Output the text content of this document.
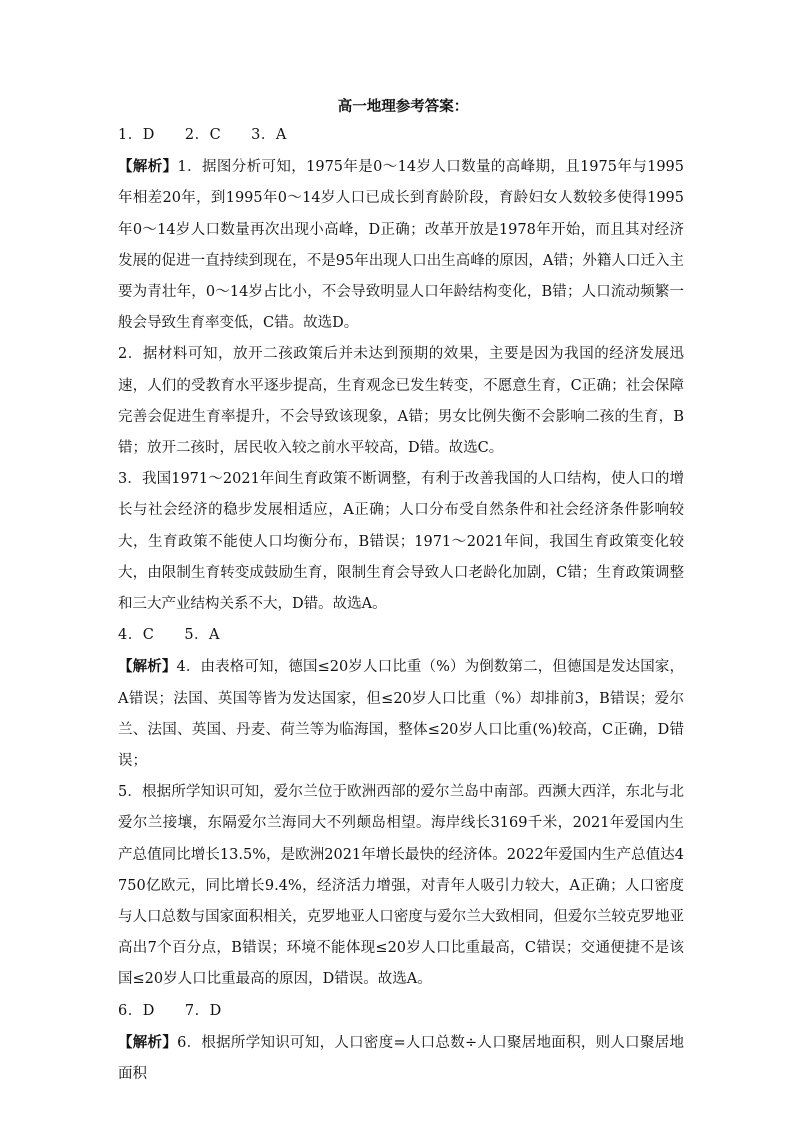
高一地理参考答案：

1．D　　2．C　　3．A

【解析】1．据图分析可知，1975年是0～14岁人口数量的高峰期，且1975年与1995年相差20年，到1995年0～14岁人口已成长到育龄阶段，育龄妇女人数较多使得1995年0～14岁人口数量再次出现小高峰，D正确；改革开放是1978年开始，而且其对经济发展的促进一直持续到现在，不是95年出现人口出生高峰的原因，A错；外籍人口迁入主要为青壮年，0～14岁占比小，不会导致明显人口年龄结构变化，B错；人口流动频繁一般会导致生育率变低，C错。故选D。

2．据材料可知，放开二孩政策后并未达到预期的效果，主要是因为我国的经济发展迅速，人们的受教育水平逐步提高，生育观念已发生转变，不愿意生育，C正确；社会保障完善会促进生育率提升，不会导致该现象，A错；男女比例失衡不会影响二孩的生育，B错；放开二孩时，居民收入较之前水平较高，D错。故选C。

3．我国1971～2021年间生育政策不断调整，有利于改善我国的人口结构，使人口的增长与社会经济的稳步发展相适应，A正确；人口分布受自然条件和社会经济条件影响较大，生育政策不能使人口均衡分布，B错误；1971～2021年间，我国生育政策变化较大，由限制生育转变成鼓励生育，限制生育会导致人口老龄化加剧，C错；生育政策调整和三大产业结构关系不大，D错。故选A。

4．C　　5．A

【解析】4．由表格可知，德国≤20岁人口比重（%）为倒数第二，但德国是发达国家，A错误；法国、英国等皆为发达国家，但≤20岁人口比重（%）却排前3，B错误；爱尔兰、法国、英国、丹麦、荷兰等为临海国，整体≤20岁人口比重(%)较高，C正确，D错误；

5．根据所学知识可知，爱尔兰位于欧洲西部的爱尔兰岛中南部。西濒大西洋，东北与北爱尔兰接壤，东隔爱尔兰海同大不列颠岛相望。海岸线长3169千米，2021年爱国内生产总值同比增长13.5%，是欧洲2021年增长最快的经济体。2022年爱国内生产总值达4750亿欧元，同比增长9.4%，经济活力增强，对青年人吸引力较大，A正确；人口密度与人口总数与国家面积相关，克罗地亚人口密度与爱尔兰大致相同，但爱尔兰较克罗地亚高出7个百分点，B错误；环境不能体现≤20岁人口比重最高，C错误；交通便捷不是该国≤20岁人口比重最高的原因，D错误。故选A。

6．D　　7．D

【解析】6．根据所学知识可知，人口密度=人口总数÷人口聚居地面积，则人口聚居地面积
